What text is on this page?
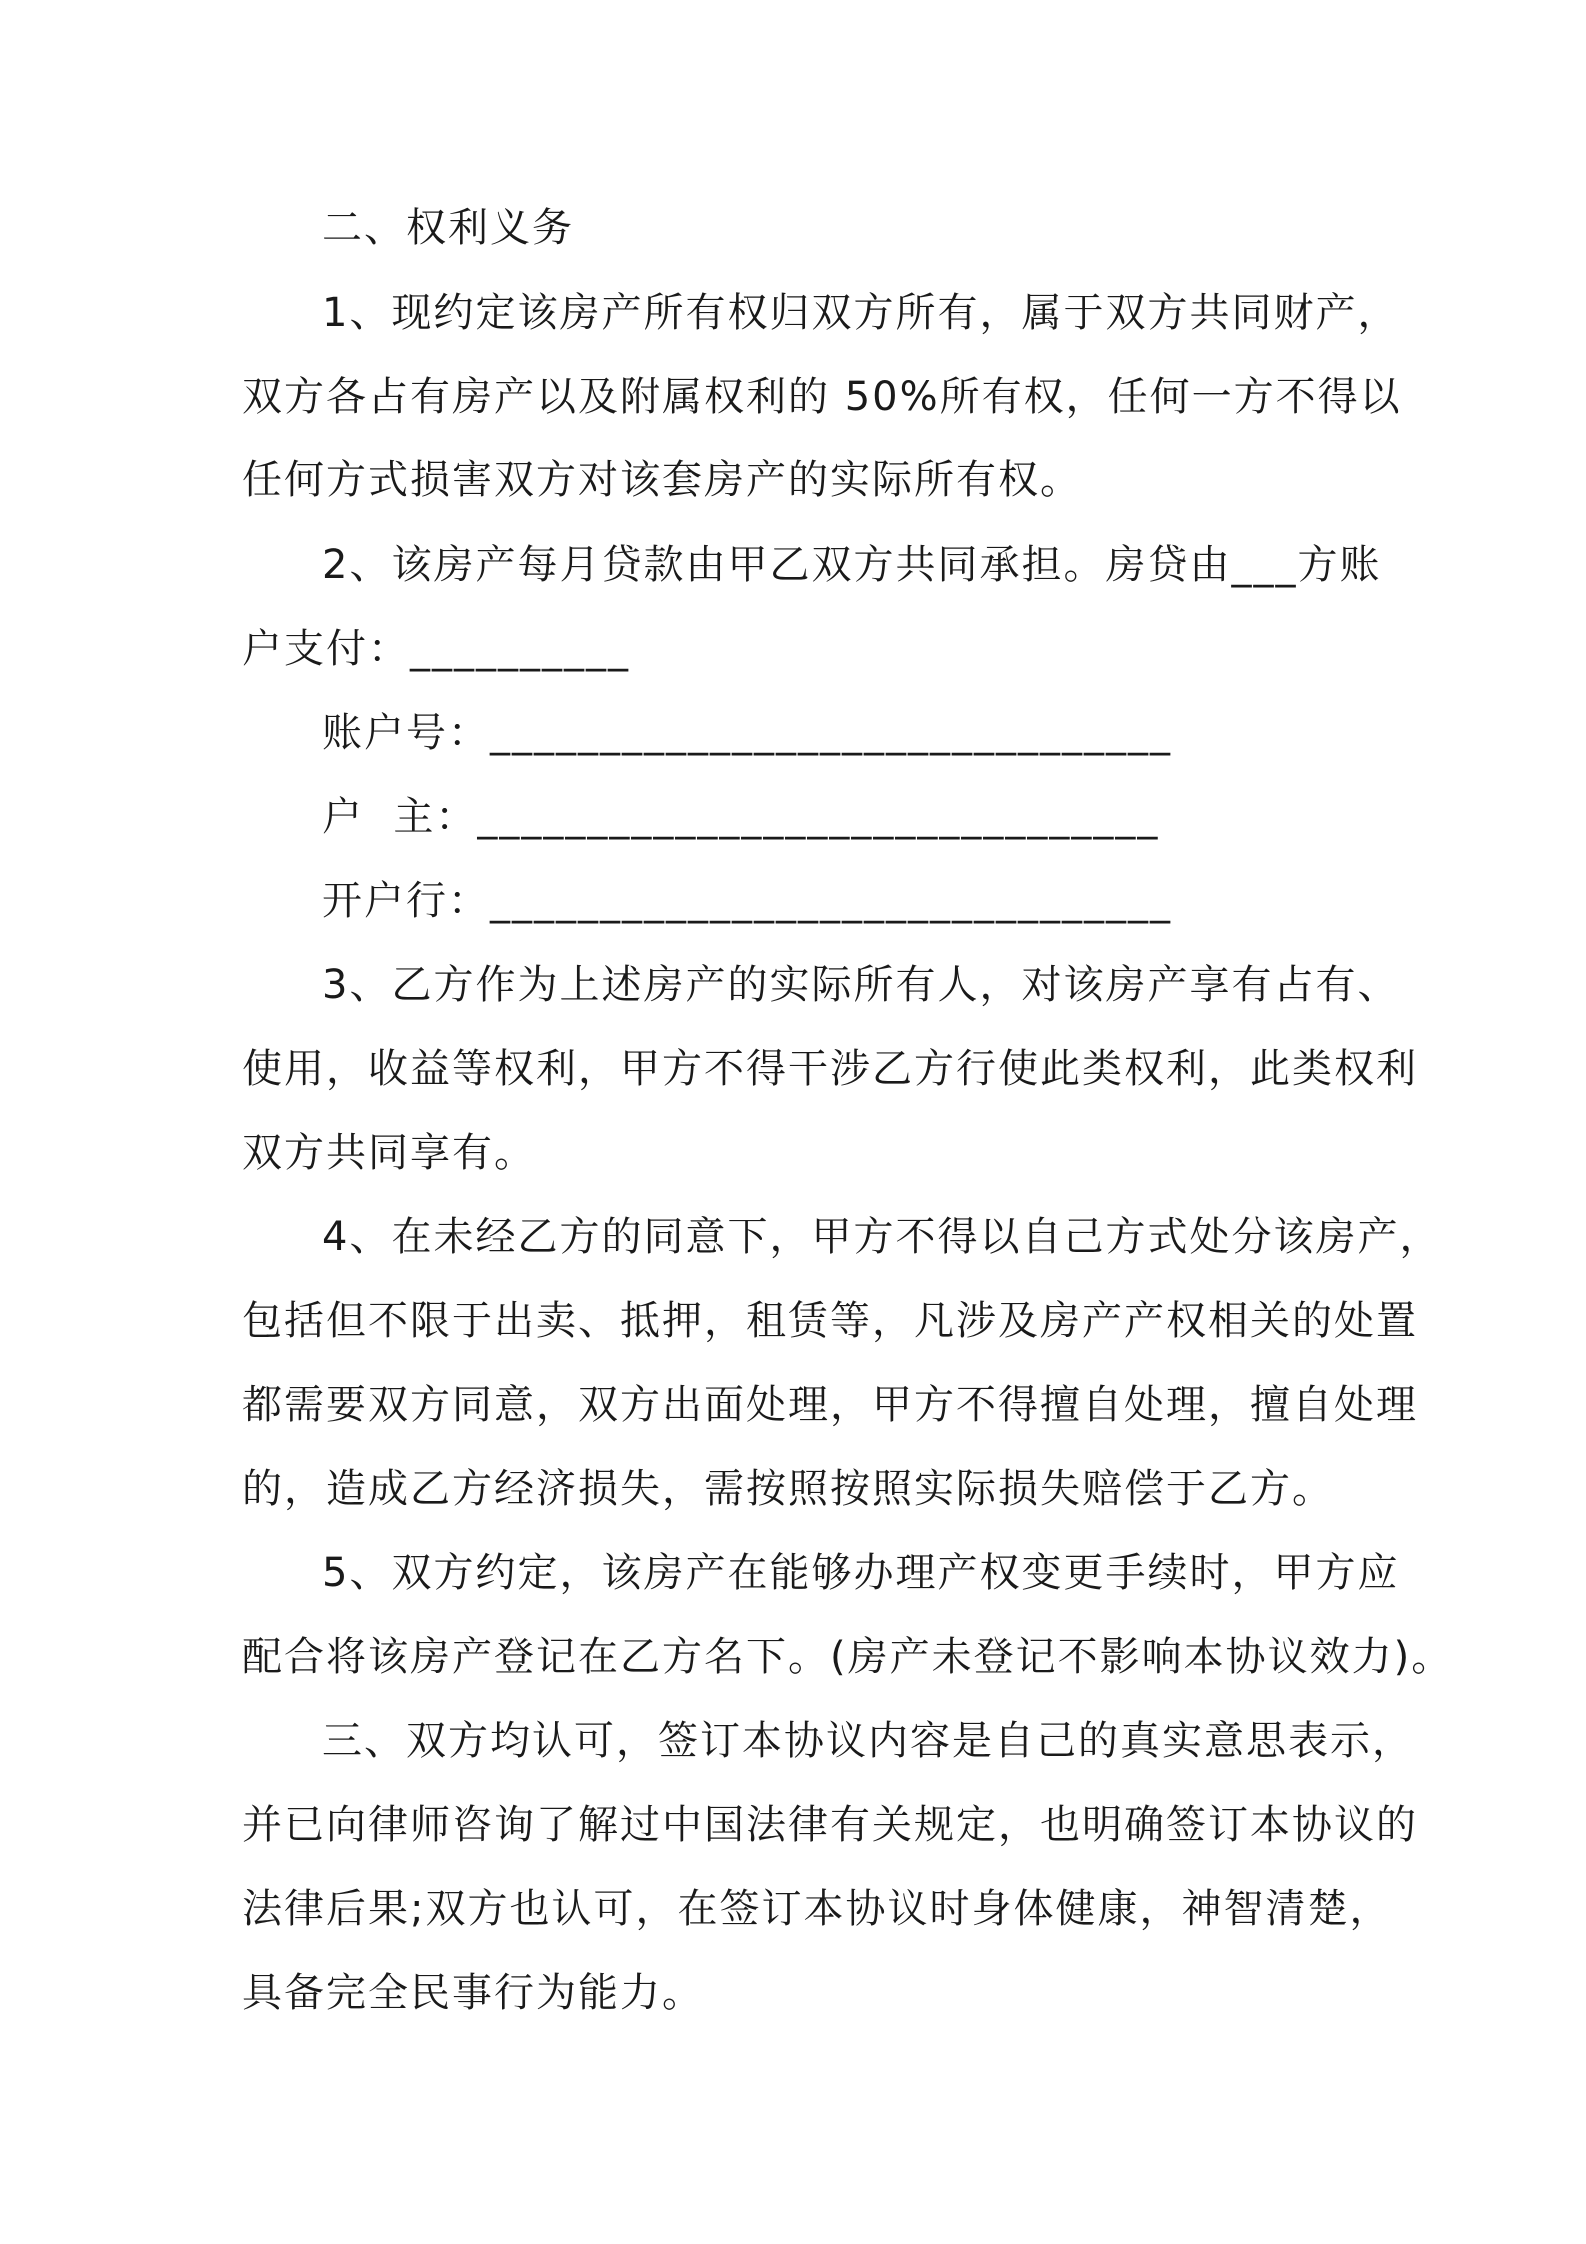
二、权利义务
1、现约定该房产所有权归双方所有，属于双方共同财产，
双方各占有房产以及附属权利的 50%所有权，任何一方不得以
任何方式损害双方对该套房产的实际所有权。
2、该房产每月贷款由甲乙双方共同承担。房贷由___方账
户支付：__________
账户号：_______________________________
户  主：_______________________________
开户行：_______________________________
3、乙方作为上述房产的实际所有人，对该房产享有占有、
使用，收益等权利，甲方不得干涉乙方行使此类权利，此类权利
双方共同享有。
4、在未经乙方的同意下，甲方不得以自己方式处分该房产，
包括但不限于出卖、抵押，租赁等，凡涉及房产产权相关的处置
都需要双方同意，双方出面处理，甲方不得擅自处理，擅自处理
的，造成乙方经济损失，需按照按照实际损失赔偿于乙方。
5、双方约定，该房产在能够办理产权变更手续时，甲方应
配合将该房产登记在乙方名下。(房产未登记不影响本协议效力)。
三、双方均认可，签订本协议内容是自己的真实意思表示，
并已向律师咨询了解过中国法律有关规定，也明确签订本协议的
法律后果;双方也认可，在签订本协议时身体健康，神智清楚，
具备完全民事行为能力。
